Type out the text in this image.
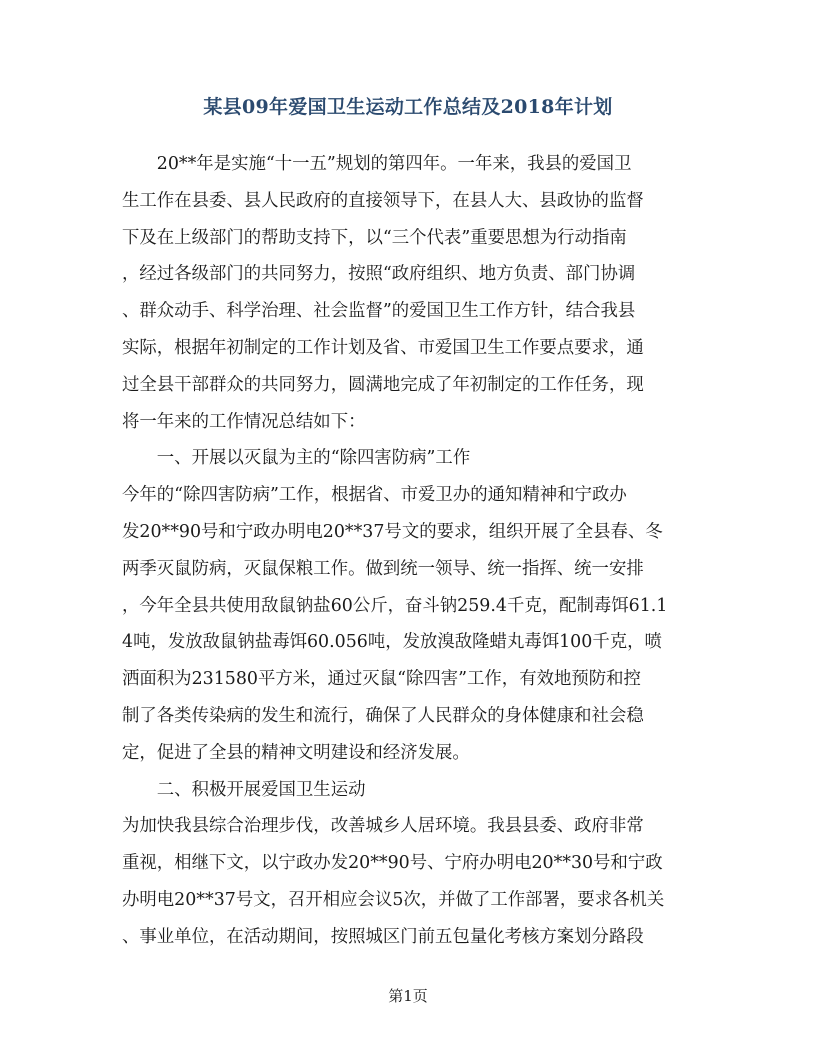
某县09年爱国卫生运动工作总结及2018年计划
　　20**年是实施“十一五”规划的第四年。一年来，我县的爱国卫
生工作在县委、县人民政府的直接领导下，在县人大、县政协的监督
下及在上级部门的帮助支持下，以“三个代表”重要思想为行动指南
，经过各级部门的共同努力，按照“政府组织、地方负责、部门协调
、群众动手、科学治理、社会监督”的爱国卫生工作方针，结合我县
实际，根据年初制定的工作计划及省、市爱国卫生工作要点要求，通
过全县干部群众的共同努力，圆满地完成了年初制定的工作任务，现
将一年来的工作情况总结如下：
　　一、开展以灭鼠为主的“除四害防病”工作
今年的“除四害防病”工作，根据省、市爱卫办的通知精神和宁政办
发20**90号和宁政办明电20**37号文的要求，组织开展了全县春、冬
两季灭鼠防病，灭鼠保粮工作。做到统一领导、统一指挥、统一安排
，今年全县共使用敌鼠钠盐60公斤，奋斗钠259.4千克，配制毒饵61.1
4吨，发放敌鼠钠盐毒饵60.056吨，发放溴敌隆蜡丸毒饵100千克，喷
洒面积为231580平方米，通过灭鼠“除四害”工作，有效地预防和控
制了各类传染病的发生和流行，确保了人民群众的身体健康和社会稳
定，促进了全县的精神文明建设和经济发展。
　　二、积极开展爱国卫生运动
为加快我县综合治理步伐，改善城乡人居环境。我县县委、政府非常
重视，相继下文，以宁政办发20**90号、宁府办明电20**30号和宁政
办明电20**37号文，召开相应会议5次，并做了工作部署，要求各机关
、事业单位，在活动期间，按照城区门前五包量化考核方案划分路段
第1页
